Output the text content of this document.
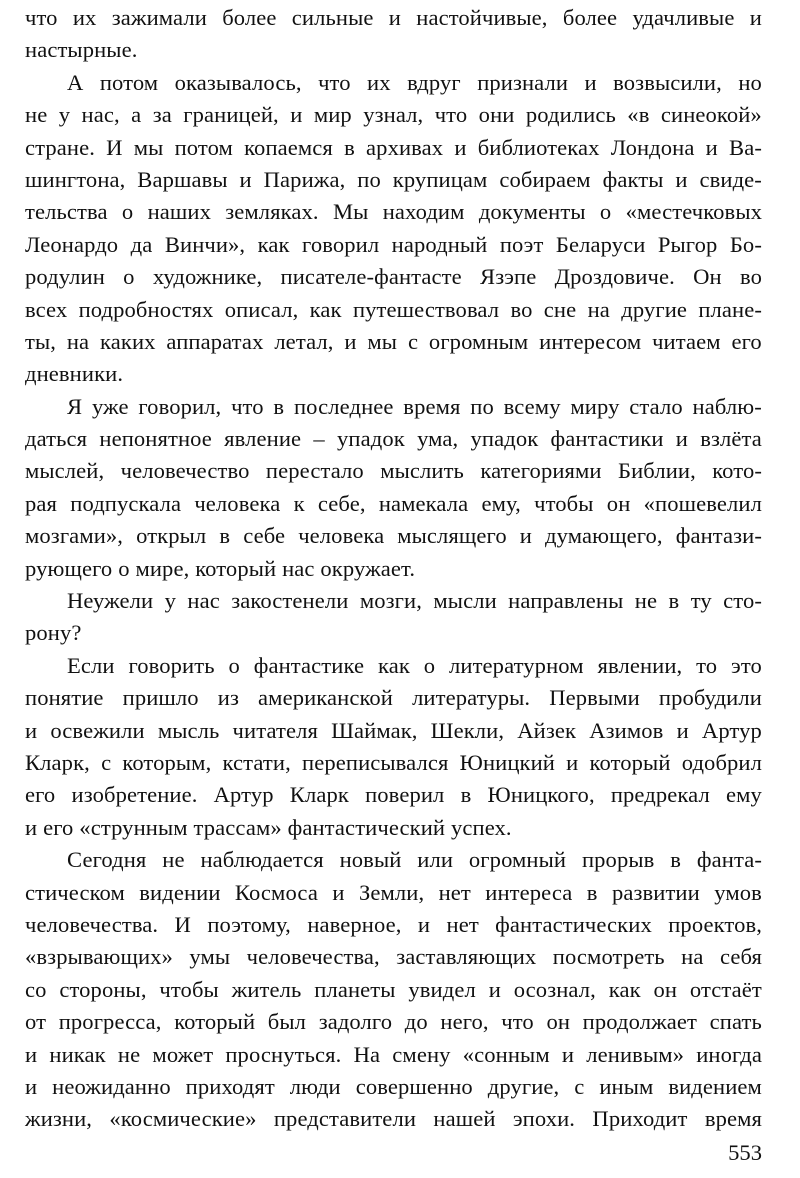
что их зажимали более сильные и настойчивые, более удачливые и
настырные.
А потом оказывалось, что их вдруг признали и возвысили, но
не у нас, а за границей, и мир узнал, что они родились «в синеокой»
стране. И мы потом копаемся в архивах и библиотеках Лондона и Ва-
шингтона, Варшавы и Парижа, по крупицам собираем факты и свиде-
тельства о наших земляках. Мы находим документы о «местечковых
Леонардо да Винчи», как говорил народный поэт Беларуси Рыгор Бо-
родулин о художнике, писателе-фантасте Язэпе Дроздовиче. Он во
всех подробностях описал, как путешествовал во сне на другие плане-
ты, на каких аппаратах летал, и мы с огромным интересом читаем его
дневники.
Я уже говорил, что в последнее время по всему миру стало наблю-
даться непонятное явление – упадок ума, упадок фантастики и взлёта
мыслей, человечество перестало мыслить категориями Библии, кото-
рая подпускала человека к себе, намекала ему, чтобы он «пошевелил
мозгами», открыл в себе человека мыслящего и думающего, фантази-
рующего о мире, который нас окружает.
Неужели у нас закостенели мозги, мысли направлены не в ту сто-
рону?
Если говорить о фантастике как о литературном явлении, то это
понятие пришло из американской литературы. Первыми пробудили
и освежили мысль читателя Шаймак, Шекли, Айзек Азимов и Артур
Кларк, с которым, кстати, переписывался Юницкий и который одобрил
его изобретение. Артур Кларк поверил в Юницкого, предрекал ему
и его «струнным трассам» фантастический успех.
Сегодня не наблюдается новый или огромный прорыв в фанта-
стическом видении Космоса и Земли, нет интереса в развитии умов
человечества. И поэтому, наверное, и нет фантастических проектов,
«взрывающих» умы человечества, заставляющих посмотреть на себя
со стороны, чтобы житель планеты увидел и осознал, как он отстаёт
от прогресса, который был задолго до него, что он продолжает спать
и никак не может проснуться. На смену «сонным и ленивым» иногда
и неожиданно приходят люди совершенно другие, с иным видением
жизни, «космические» представители нашей эпохи. Приходит время
553
